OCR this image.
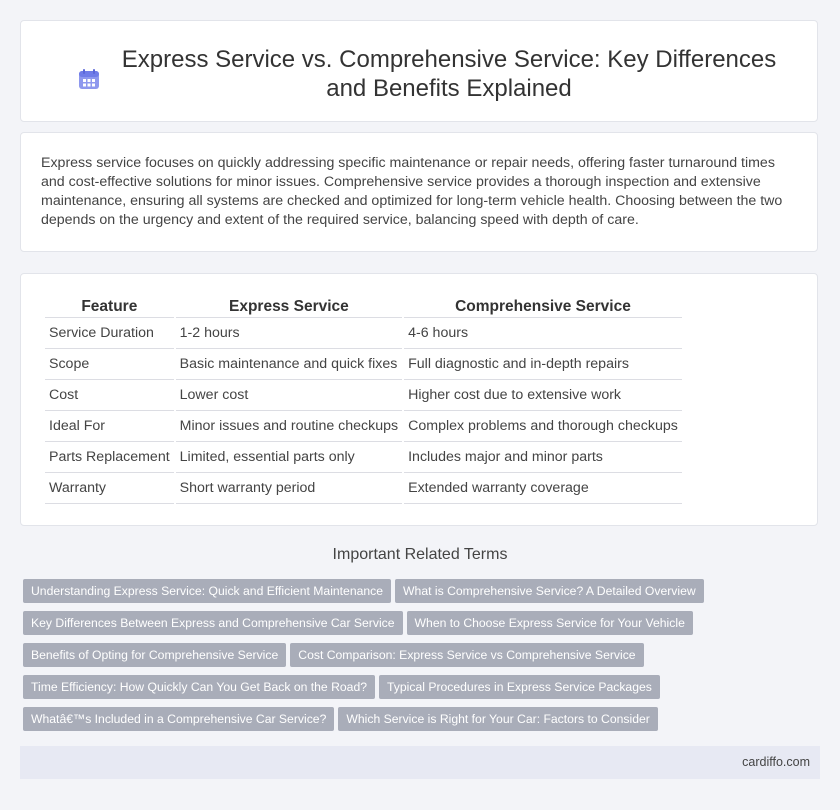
Express Service vs. Comprehensive Service: Key Differences and Benefits Explained

Express service focuses on quickly addressing specific maintenance or repair needs, offering faster turnaround times and cost-effective solutions for minor issues. Comprehensive service provides a thorough inspection and extensive maintenance, ensuring all systems are checked and optimized for long-term vehicle health. Choosing between the two depends on the urgency and extent of the required service, balancing speed with depth of care.

Feature	Express Service	Comprehensive Service
Service Duration	1-2 hours	4-6 hours
Scope	Basic maintenance and quick fixes	Full diagnostic and in-depth repairs
Cost	Lower cost	Higher cost due to extensive work
Ideal For	Minor issues and routine checkups	Complex problems and thorough checkups
Parts Replacement	Limited, essential parts only	Includes major and minor parts
Warranty	Short warranty period	Extended warranty coverage
Important Related Terms
Understanding Express Service: Quick and Efficient Maintenance What is Comprehensive Service? A Detailed Overview
Key Differences Between Express and Comprehensive Car Service When to Choose Express Service for Your Vehicle
Benefits of Opting for Comprehensive Service Cost Comparison: Express Service vs Comprehensive Service
Time Efficiency: How Quickly Can You Get Back on the Road? Typical Procedures in Express Service Packages
Whatâ€™s Included in a Comprehensive Car Service? Which Service is Right for Your Car: Factors to Consider
cardiffo.com
